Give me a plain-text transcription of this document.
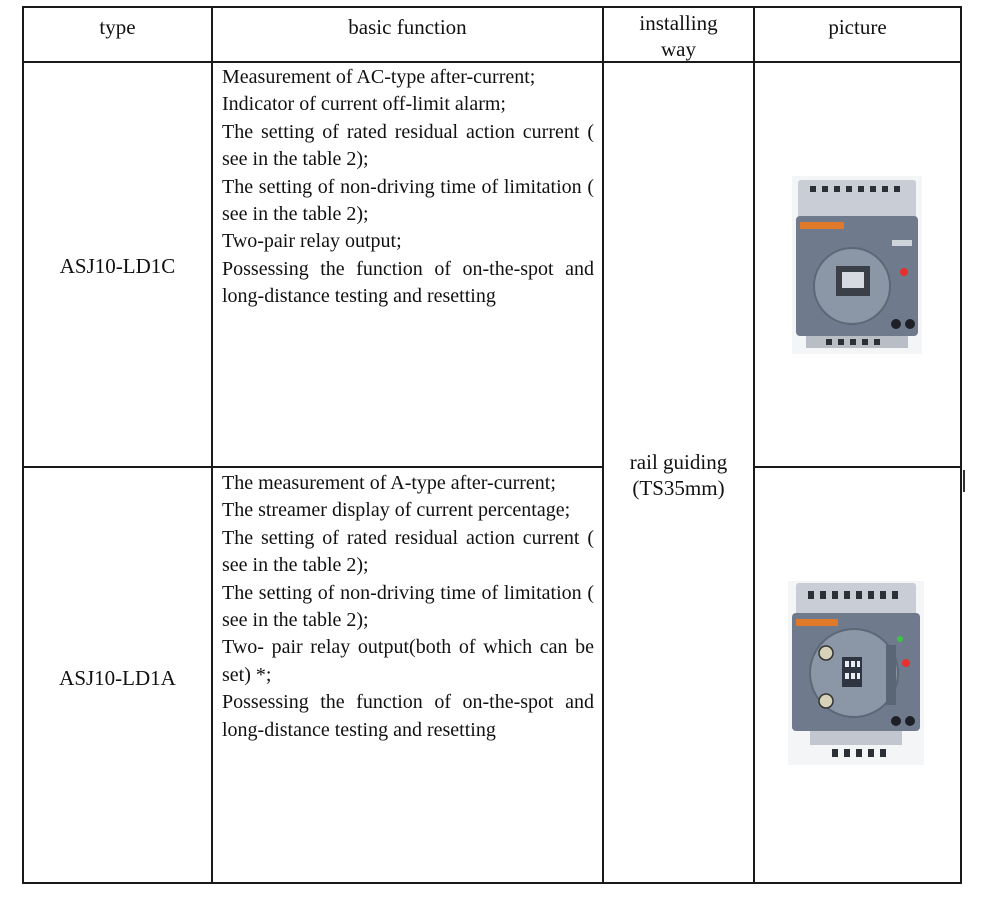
type	basic function	installing
way
picture
ASJ10-LD1C

Measurement of AC-type after-current;

Indicator of current off-limit alarm;

The setting of rated residual action current ( see in the table 2);

The setting of non-driving time of limitation ( see in the table 2);

Two-pair relay output;

Possessing the function of on-the-spot and long-distance testing and resetting

ASJ10-LD1A

The measurement of A-type after-current;

The streamer display of current percentage;

The setting of rated residual action current ( see in the table 2);

The setting of non-driving time of limitation ( see in the table 2);

Two- pair relay output(both of which can be set) *;

Possessing the function of on-the-spot and long-distance testing and resetting

rail guiding
(TS35mm)
